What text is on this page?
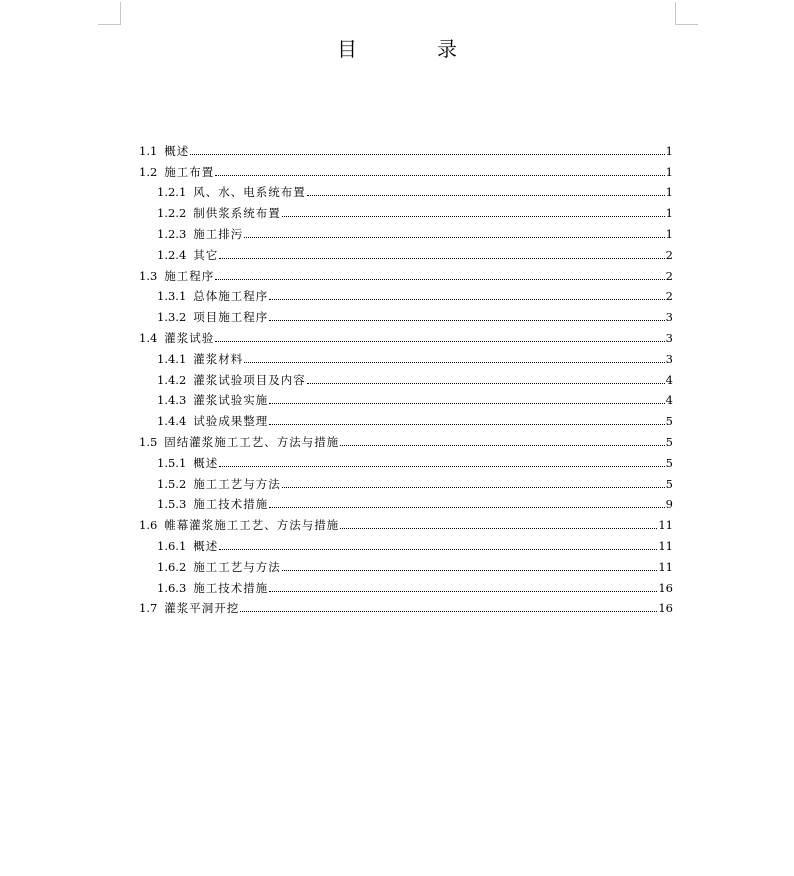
目　录
1.1 概述	1
1.2 施工布置	1
1.2.1 风、水、电系统布置	1
1.2.2 制供浆系统布置	1
1.2.3 施工排污	1
1.2.4 其它	2
1.3 施工程序	2
1.3.1 总体施工程序	2
1.3.2 项目施工程序	3
1.4 灌浆试验	3
1.4.1 灌浆材料	3
1.4.2 灌浆试验项目及内容	4
1.4.3 灌浆试验实施	4
1.4.4 试验成果整理	5
1.5 固结灌浆施工工艺、方法与措施	5
1.5.1 概述	5
1.5.2 施工工艺与方法	5
1.5.3 施工技术措施	9
1.6 帷幕灌浆施工工艺、方法与措施	11
1.6.1 概述	11
1.6.2 施工工艺与方法	11
1.6.3 施工技术措施	16
1.7 灌浆平洞开挖	16
